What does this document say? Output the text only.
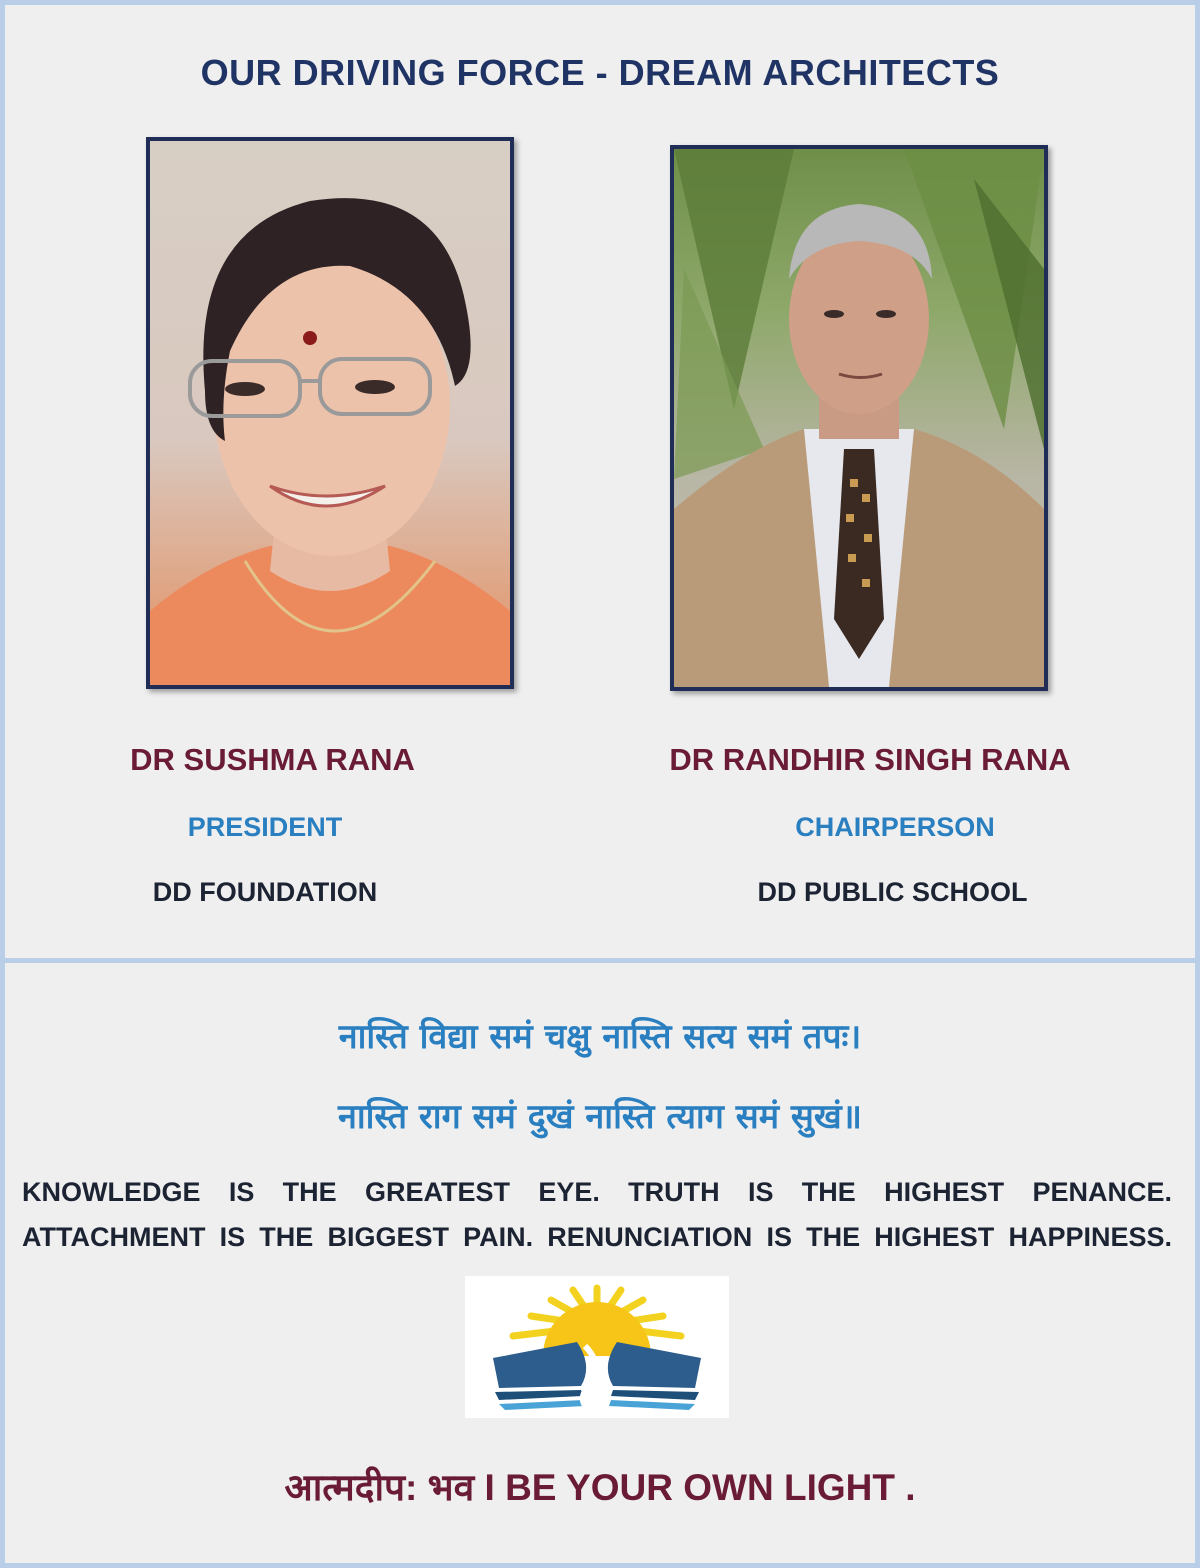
OUR DRIVING FORCE - DREAM ARCHITECTS
DR SUSHMA RANA
PRESIDENT
DD FOUNDATION
DR RANDHIR SINGH RANA
CHAIRPERSON
DD PUBLIC SCHOOL
नास्ति विद्या समं चक्षु नास्ति सत्य समं तपः।
नास्ति राग समं दुखं नास्ति त्याग समं सुखं॥
KNOWLEDGE IS THE GREATEST EYE. TRUTH IS THE HIGHEST PENANCE.
ATTACHMENT IS THE BIGGEST PAIN. RENUNCIATION IS THE HIGHEST HAPPINESS.
आत्मदीप: भव I BE YOUR OWN LIGHT .
